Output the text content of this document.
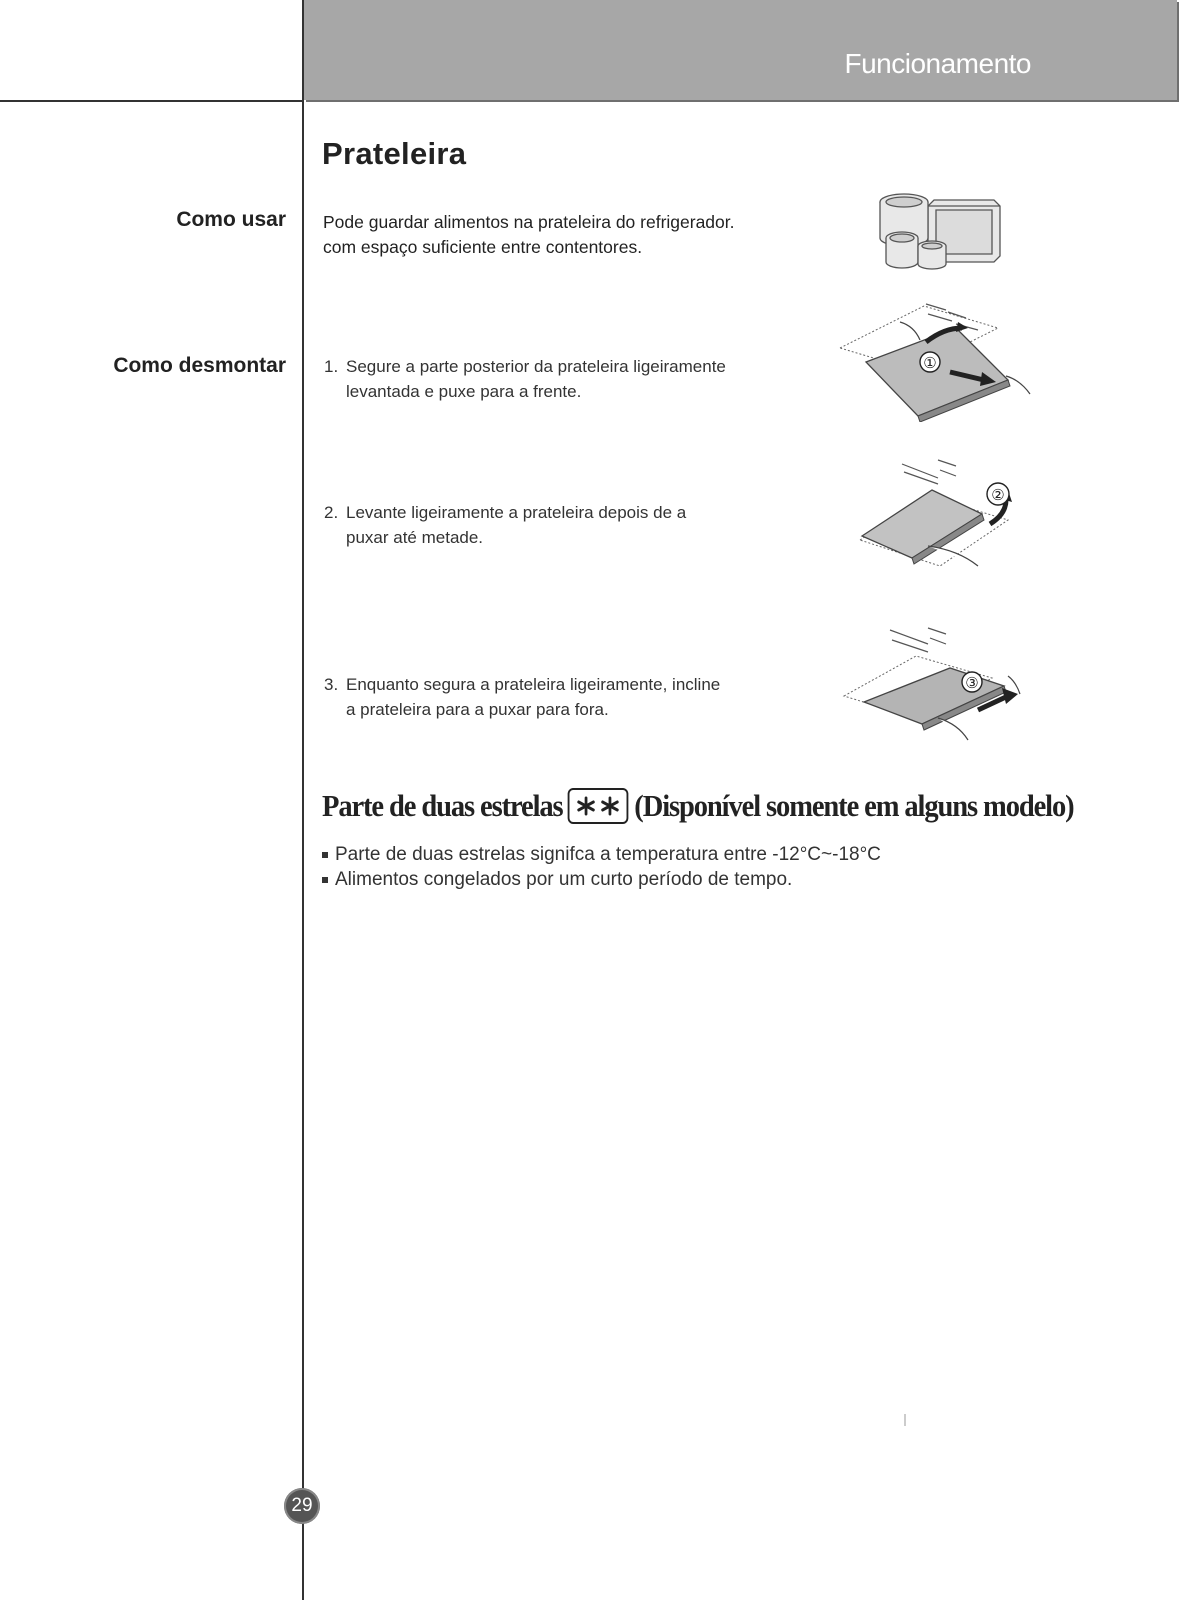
Funcionamento
Prateleira
Como usar Pode guardar alimentos na prateleira do refrigerador.
com espaço suficiente entre contentores.
Como desmontar 1. Segure a parte posterior da prateleira ligeiramente
levantada e puxe para a frente.
①
2. Levante ligeiramente a prateleira depois de a
puxar até metade.
②
3. Enquanto segura a prateleira ligeiramente, incline
a prateleira para a puxar para fora.
③
Parte de duas estrelas (Disponível somente em alguns modelo)
Parte de duas estrelas signifca a temperatura entre -12°C~-18°C
Alimentos congelados por um curto período de tempo.
29
